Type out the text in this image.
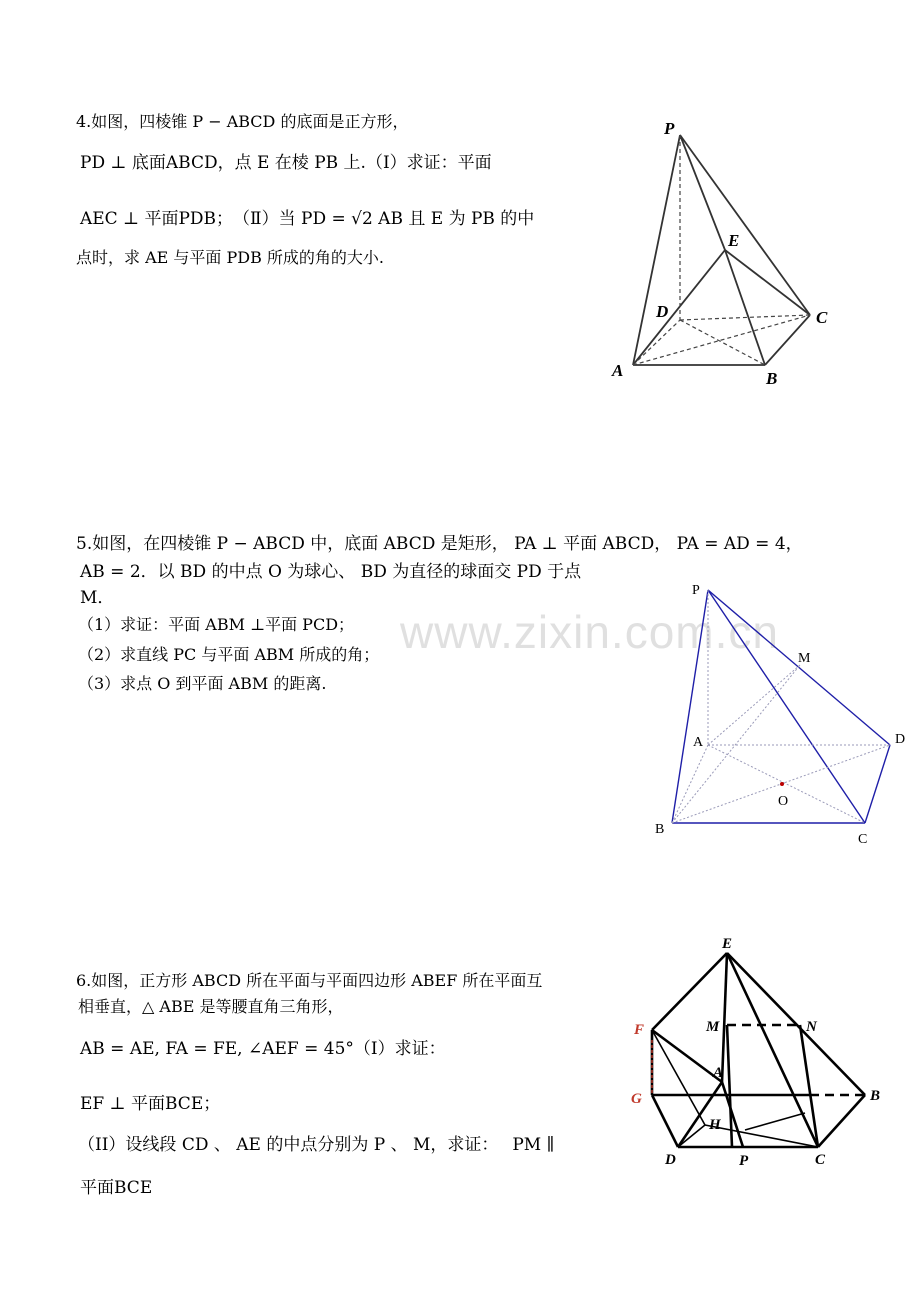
4.如图，四棱锥 P − ABCD 的底面是正方形，
PD ⊥ 底面ABCD，点 E 在棱 PB 上.（Ⅰ）求证：平面
AEC ⊥ 平面PDB；　（Ⅱ）当 PD = √2 AB 且 E 为 PB 的中
点时，求 AE 与平面 PDB 所成的角的大小.
P
E
D	C
A	B
5.如图，在四棱锥 P − ABCD 中，底面 ABCD 是矩形， PA ⊥ 平面 ABCD， PA = AD = 4，
AB = 2．以 BD 的中点 O 为球心、 BD 为直径的球面交 PD 于点
M．
（1）求证：平面 ABM ⊥平面 PCD；
（2）求直线 PC 与平面 ABM 所成的角；
（3）求点 O 到平面 ABM 的距离.
www.zixin.com.cn
P
M
A	D
O
B
C
6.如图，正方形 ABCD 所在平面与平面四边形 ABEF 所在平面互
相垂直，△ ABE 是等腰直角三角形，
AB = AE, FA = FE, ∠AEF = 45°（I）求证：
EF ⊥ 平面BCE；
（II）设线段 CD 、 AE 的中点分别为 P 、 M，求证：　 PM ∥
平面BCE
E
M	N
F
A
G
H
B
D	P	C
